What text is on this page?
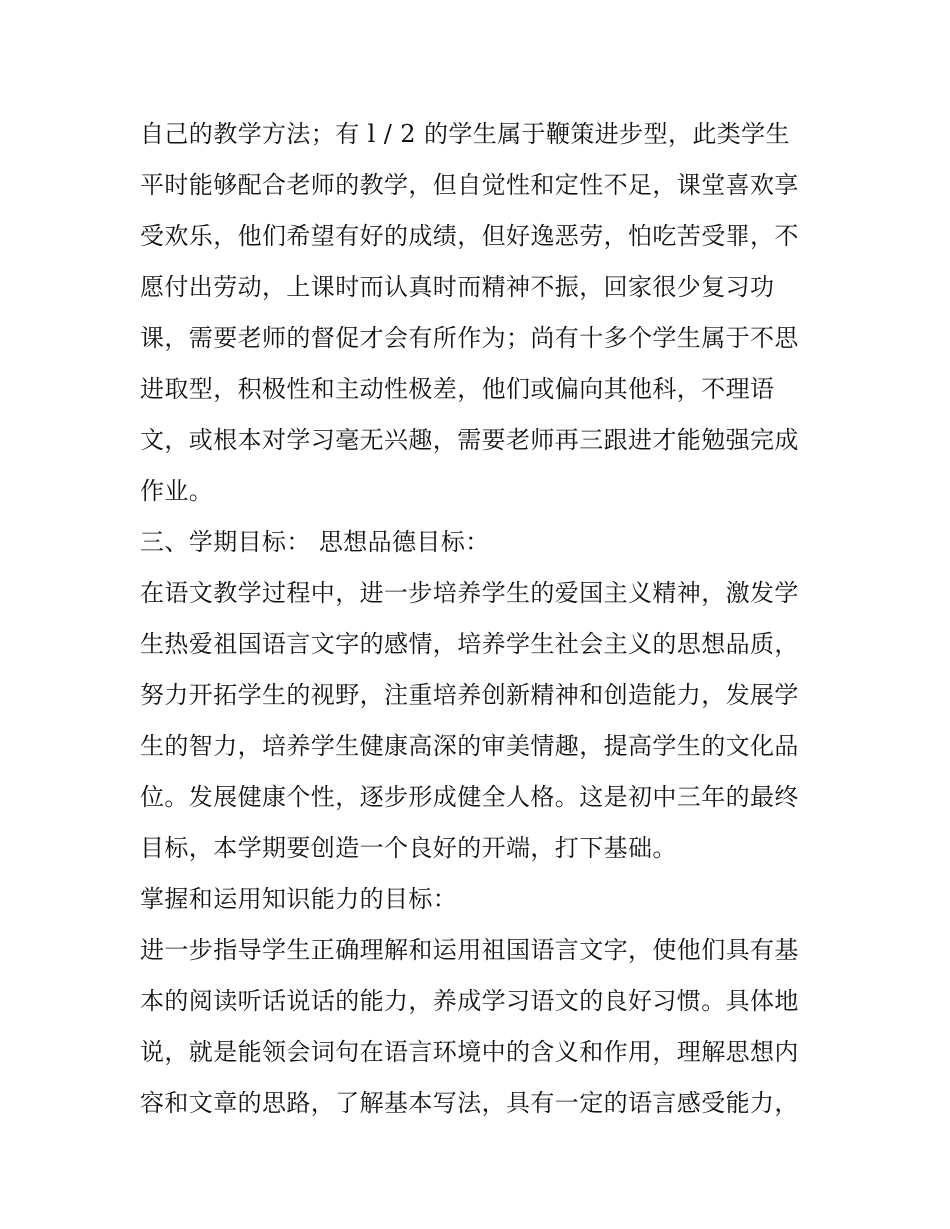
自己的教学方法；有 l / 2 的学生属于鞭策进步型，此类学生
平时能够配合老师的教学，但自觉性和定性不足，课堂喜欢享
受欢乐，他们希望有好的成绩，但好逸恶劳，怕吃苦受罪，不
愿付出劳动，上课时而认真时而精神不振，回家很少复习功
课，需要老师的督促才会有所作为；尚有十多个学生属于不思
进取型，积极性和主动性极差，他们或偏向其他科，不理语
文，或根本对学习毫无兴趣，需要老师再三跟进才能勉强完成
作业。
三、学期目标： 思想品德目标：
在语文教学过程中，进一步培养学生的爱国主义精神，激发学
生热爱祖国语言文字的感情，培养学生社会主义的思想品质，
努力开拓学生的视野，注重培养创新精神和创造能力，发展学
生的智力，培养学生健康高深的审美情趣，提高学生的文化品
位。发展健康个性，逐步形成健全人格。这是初中三年的最终
目标，本学期要创造一个良好的开端，打下基础。
掌握和运用知识能力的目标：
进一步指导学生正确理解和运用祖国语言文字，使他们具有基
本的阅读听话说话的能力，养成学习语文的良好习惯。具体地
说，就是能领会词句在语言环境中的含义和作用，理解思想内
容和文章的思路，了解基本写法，具有一定的语言感受能力，
